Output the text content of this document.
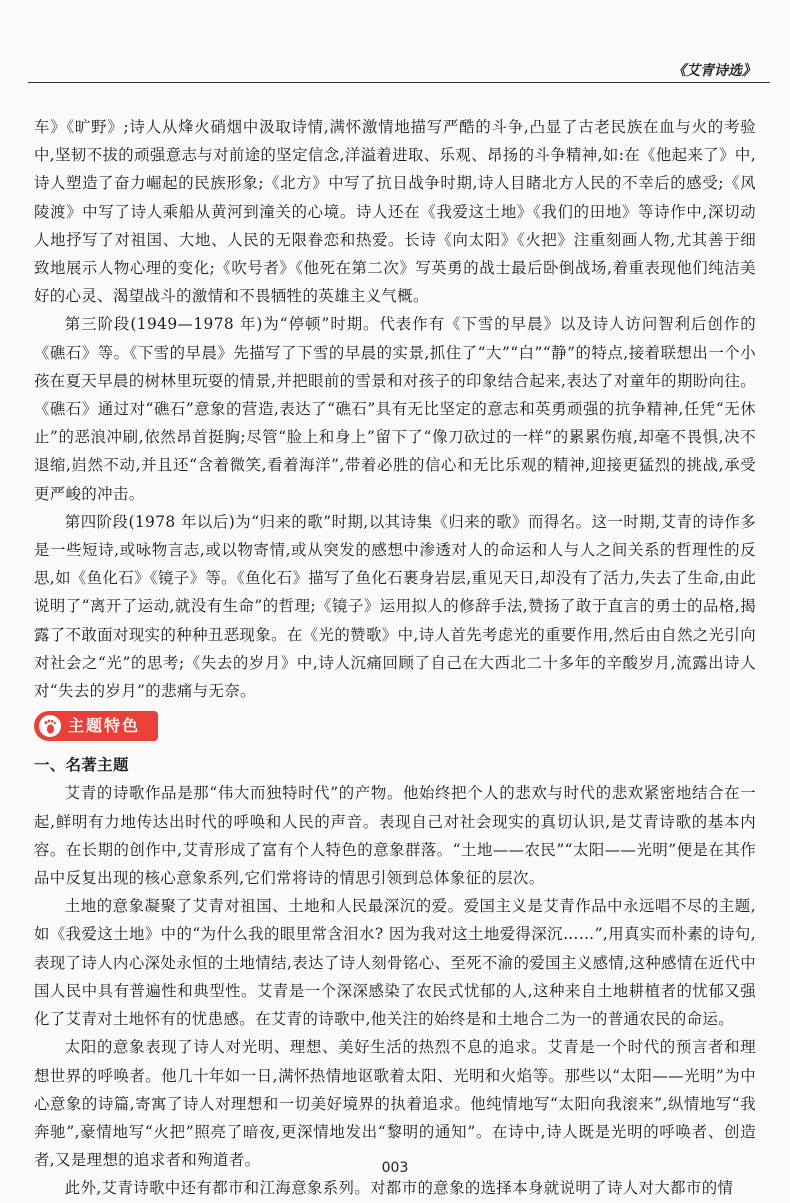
《艾青诗选》

车》《旷野》;诗人从烽火硝烟中汲取诗情,满怀激情地描写严酷的斗争,凸显了古老民族在血与火的考验中,坚韧不拔的顽强意志与对前途的坚定信念,洋溢着进取、乐观、昂扬的斗争精神,如:在《他起来了》中,诗人塑造了奋力崛起的民族形象;《北方》中写了抗日战争时期,诗人目睹北方人民的不幸后的感受;《风陵渡》中写了诗人乘船从黄河到潼关的心境。诗人还在《我爱这土地》《我们的田地》等诗作中,深切动人地抒写了对祖国、大地、人民的无限眷恋和热爱。长诗《向太阳》《火把》注重刻画人物,尤其善于细致地展示人物心理的变化;《吹号者》《他死在第二次》写英勇的战士最后卧倒战场,着重表现他们纯洁美好的心灵、渴望战斗的激情和不畏牺牲的英雄主义气概。

第三阶段(1949—1978 年)为“停顿”时期。代表作有《下雪的早晨》以及诗人访问智利后创作的《礁石》等。《下雪的早晨》先描写了下雪的早晨的实景,抓住了“大”“白”“静”的特点,接着联想出一个小孩在夏天早晨的树林里玩耍的情景,并把眼前的雪景和对孩子的印象结合起来,表达了对童年的期盼向往。《礁石》通过对“礁石”意象的营造,表达了“礁石”具有无比坚定的意志和英勇顽强的抗争精神,任凭“无休止”的恶浪冲刷,依然昂首挺胸;尽管“脸上和身上”留下了“像刀砍过的一样”的累累伤痕,却毫不畏惧,决不退缩,岿然不动,并且还“含着微笑,看着海洋”,带着必胜的信心和无比乐观的精神,迎接更猛烈的挑战,承受更严峻的冲击。

第四阶段(1978 年以后)为“归来的歌”时期,以其诗集《归来的歌》而得名。这一时期,艾青的诗作多是一些短诗,或咏物言志,或以物寄情,或从突发的感想中渗透对人的命运和人与人之间关系的哲理性的反思,如《鱼化石》《镜子》等。《鱼化石》描写了鱼化石裹身岩层,重见天日,却没有了活力,失去了生命,由此说明了“离开了运动,就没有生命”的哲理;《镜子》运用拟人的修辞手法,赞扬了敢于直言的勇士的品格,揭露了不敢面对现实的种种丑恶现象。在《光的赞歌》中,诗人首先考虑光的重要作用,然后由自然之光引向对社会之“光”的思考;《失去的岁月》中,诗人沉痛回顾了自己在大西北二十多年的辛酸岁月,流露出诗人对“失去的岁月”的悲痛与无奈。

主题特色

一、名著主题

艾青的诗歌作品是那“伟大而独特时代”的产物。他始终把个人的悲欢与时代的悲欢紧密地结合在一起,鲜明有力地传达出时代的呼唤和人民的声音。表现自己对社会现实的真切认识,是艾青诗歌的基本内容。在长期的创作中,艾青形成了富有个人特色的意象群落。“土地——农民”“太阳——光明”便是在其作品中反复出现的核心意象系列,它们常将诗的情思引领到总体象征的层次。

土地的意象凝聚了艾青对祖国、土地和人民最深沉的爱。爱国主义是艾青作品中永远唱不尽的主题,如《我爱这土地》中的“为什么我的眼里常含泪水? 因为我对这土地爱得深沉……”,用真实而朴素的诗句,表现了诗人内心深处永恒的土地情结,表达了诗人刻骨铭心、至死不渝的爱国主义感情,这种感情在近代中国人民中具有普遍性和典型性。艾青是一个深深感染了农民式忧郁的人,这种来自土地耕植者的忧郁又强化了艾青对土地怀有的忧患感。在艾青的诗歌中,他关注的始终是和土地合二为一的普通农民的命运。

太阳的意象表现了诗人对光明、理想、美好生活的热烈不息的追求。艾青是一个时代的预言者和理想世界的呼唤者。他几十年如一日,满怀热情地讴歌着太阳、光明和火焰等。那些以“太阳——光明”为中心意象的诗篇,寄寓了诗人对理想和一切美好境界的执着追求。他纯情地写“太阳向我滚来”,纵情地写“我奔驰”,豪情地写“火把”照亮了暗夜,更深情地发出“黎明的通知”。在诗中,诗人既是光明的呼唤者、创造者,又是理想的追求者和殉道者。

此外,艾青诗歌中还有都市和江海意象系列。对都市的意象的选择本身就说明了诗人对大都市的情

003
